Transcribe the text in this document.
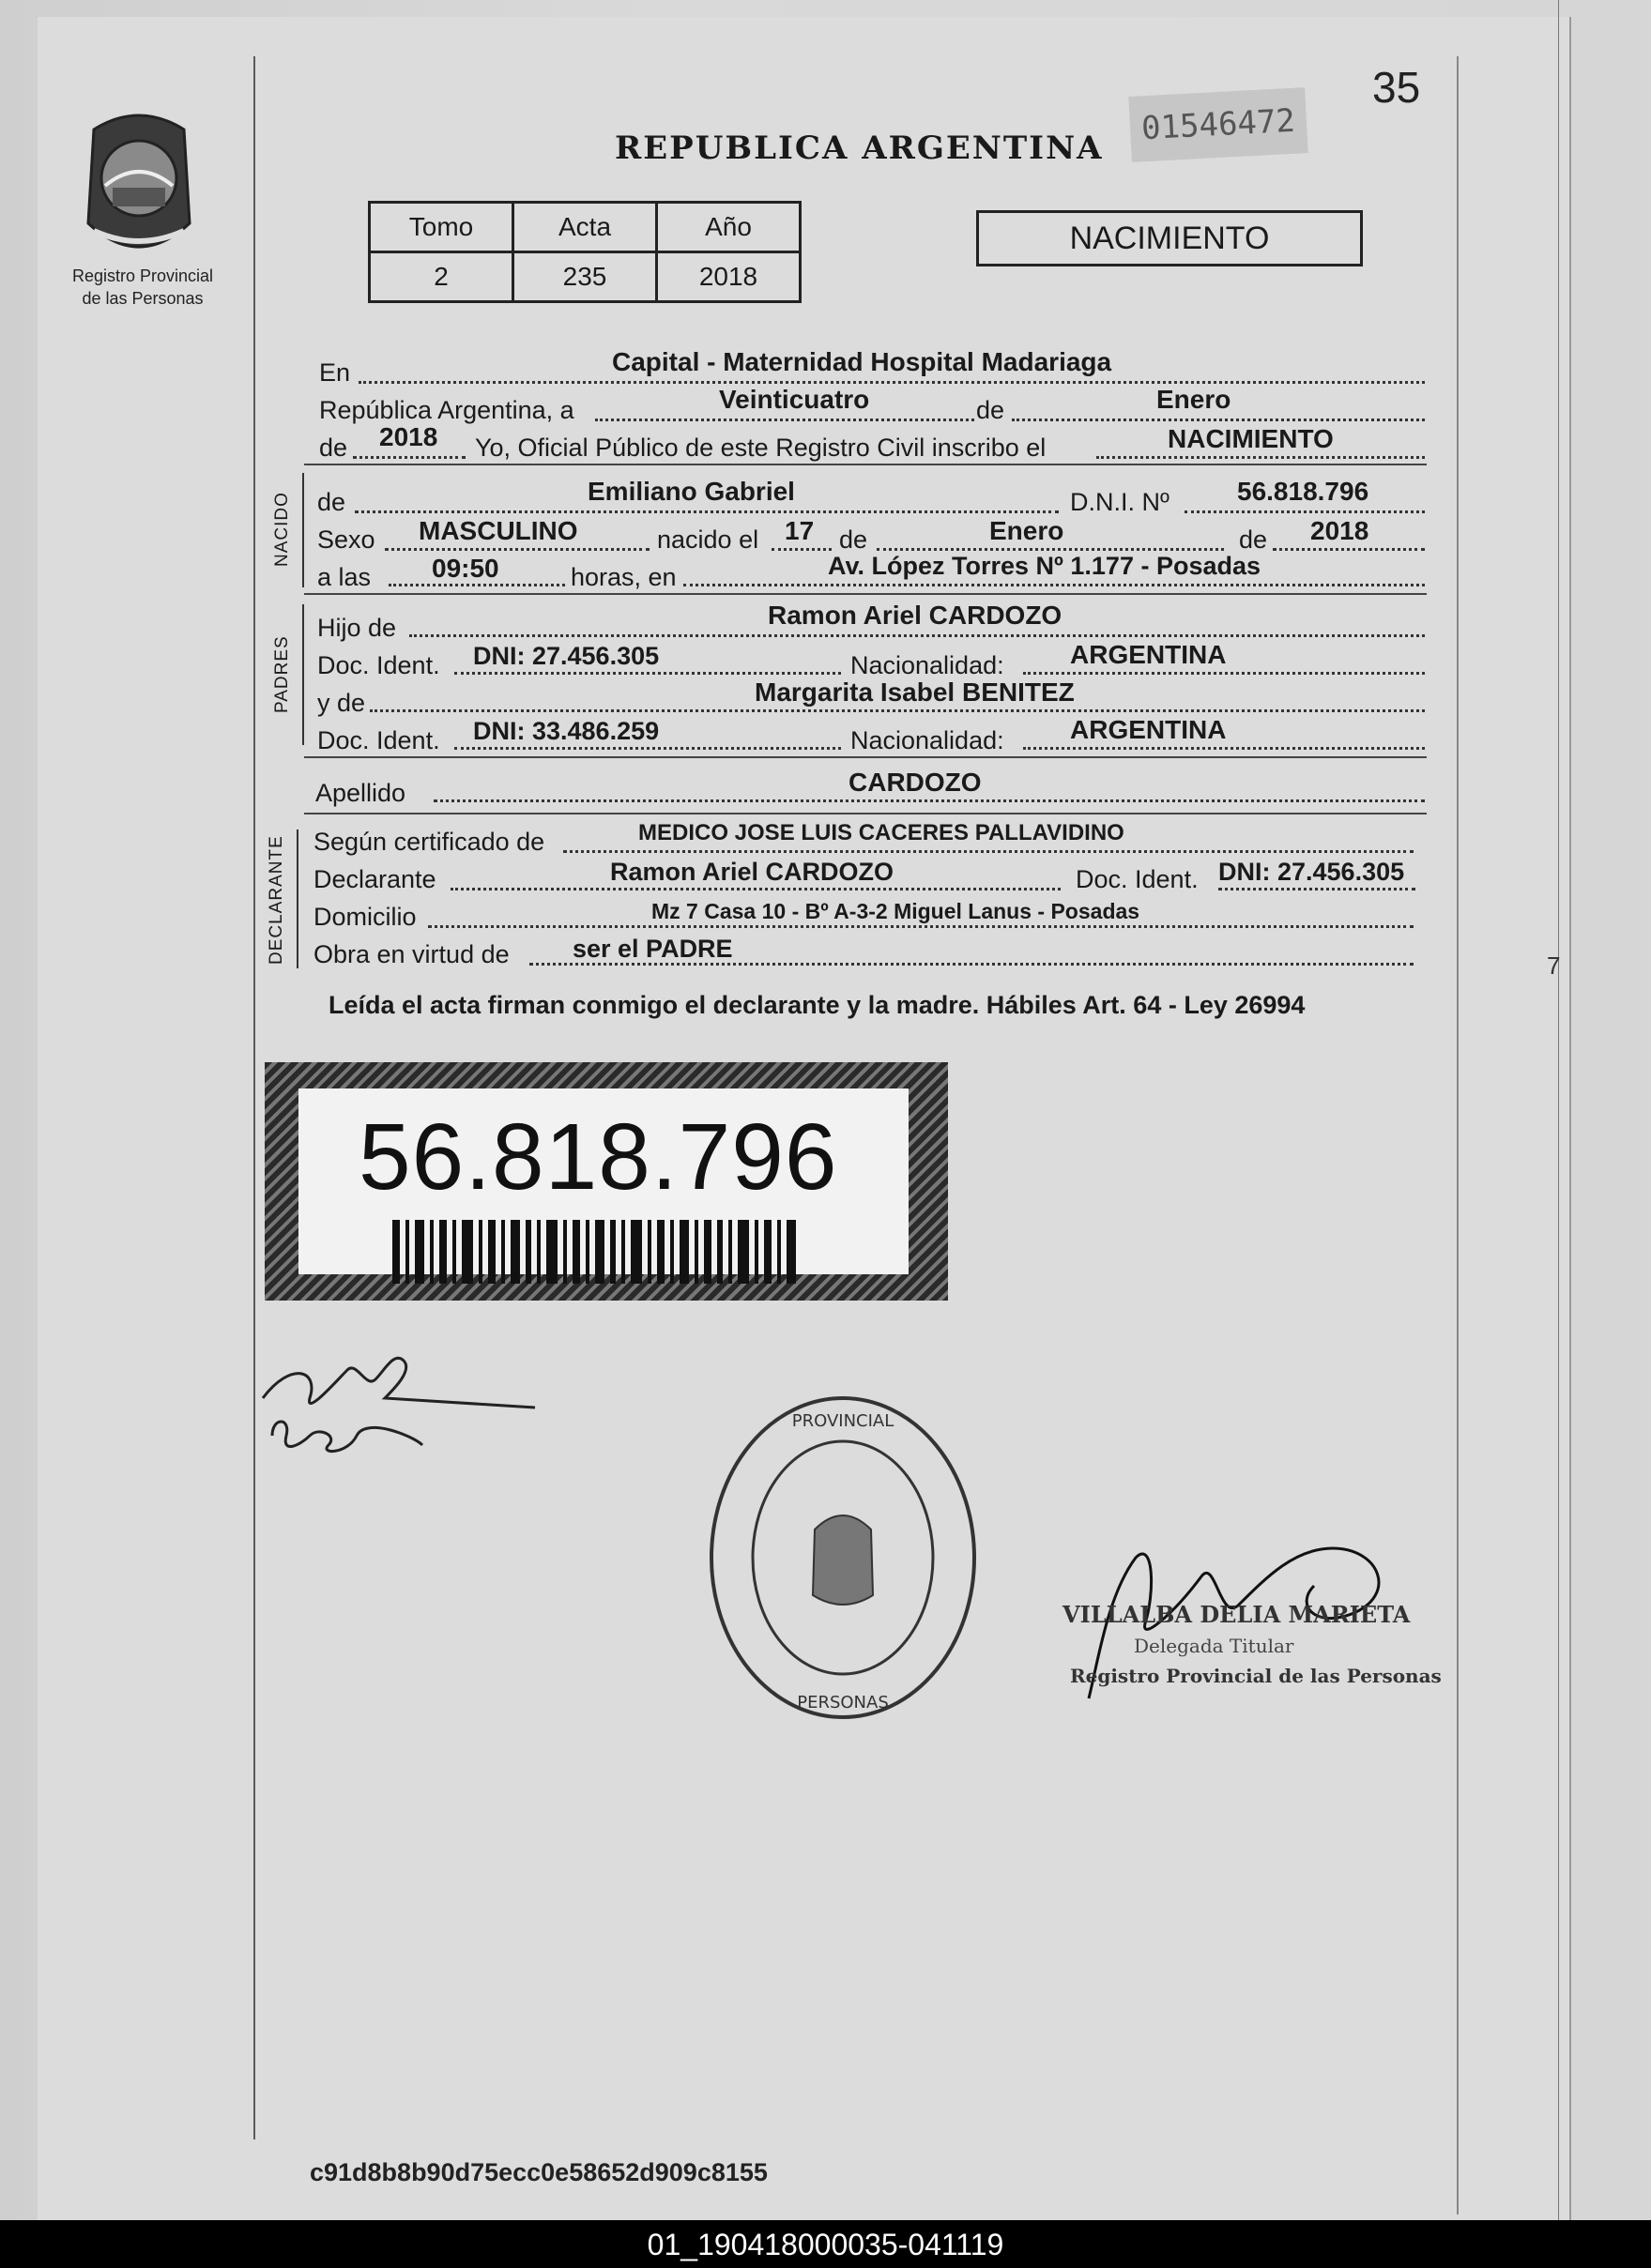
35
01546472
REPUBLICA ARGENTINA
Registro Provincial
de las Personas
Tomo	Acta	Año
2	235	2018
NACIMIENTO
En	Capital - Maternidad Hospital Madariaga
República Argentina, a	Veinticuatro	de	Enero
de 2018 Yo, Oficial Público de este Registro Civil inscribo el	NACIMIENTO
NACIDO de	Emiliano Gabriel	D.N.I. Nº	56.818.796
Sexo MASCULINO	nacido el 17 de	Enero	de 2018
a las 09:50	horas, en	Av. López Torres Nº 1.177 - Posadas
PADRES
Hijo de	Ramon Ariel CARDOZO
Doc. Ident. DNI: 27.456.305	Nacionalidad:	ARGENTINA
y de	Margarita Isabel BENITEZ
Doc. Ident. DNI: 33.486.259	Nacionalidad:	ARGENTINA
Apellido	CARDOZO
DECLARANTE Según certificado de	MEDICO JOSE LUIS CACERES PALLAVIDINO
Declarante	Ramon Ariel CARDOZO	Doc. Ident. DNI: 27.456.305
Domicilio	Mz 7 Casa 10 - Bº A-3-2 Miguel Lanus - Posadas
Obra en virtud de ser el PADRE
Leída el acta firman conmigo el declarante y la madre. Hábiles Art. 64 - Ley 26994
56.818.796
PROVINCIAL
PERSONAS
VILLALBA DELIA MARIETA
Delegada Titular
Registro Provincial de las Personas
7
c91d8b8b90d75ecc0e58652d909c8155
01_190418000035-041119
